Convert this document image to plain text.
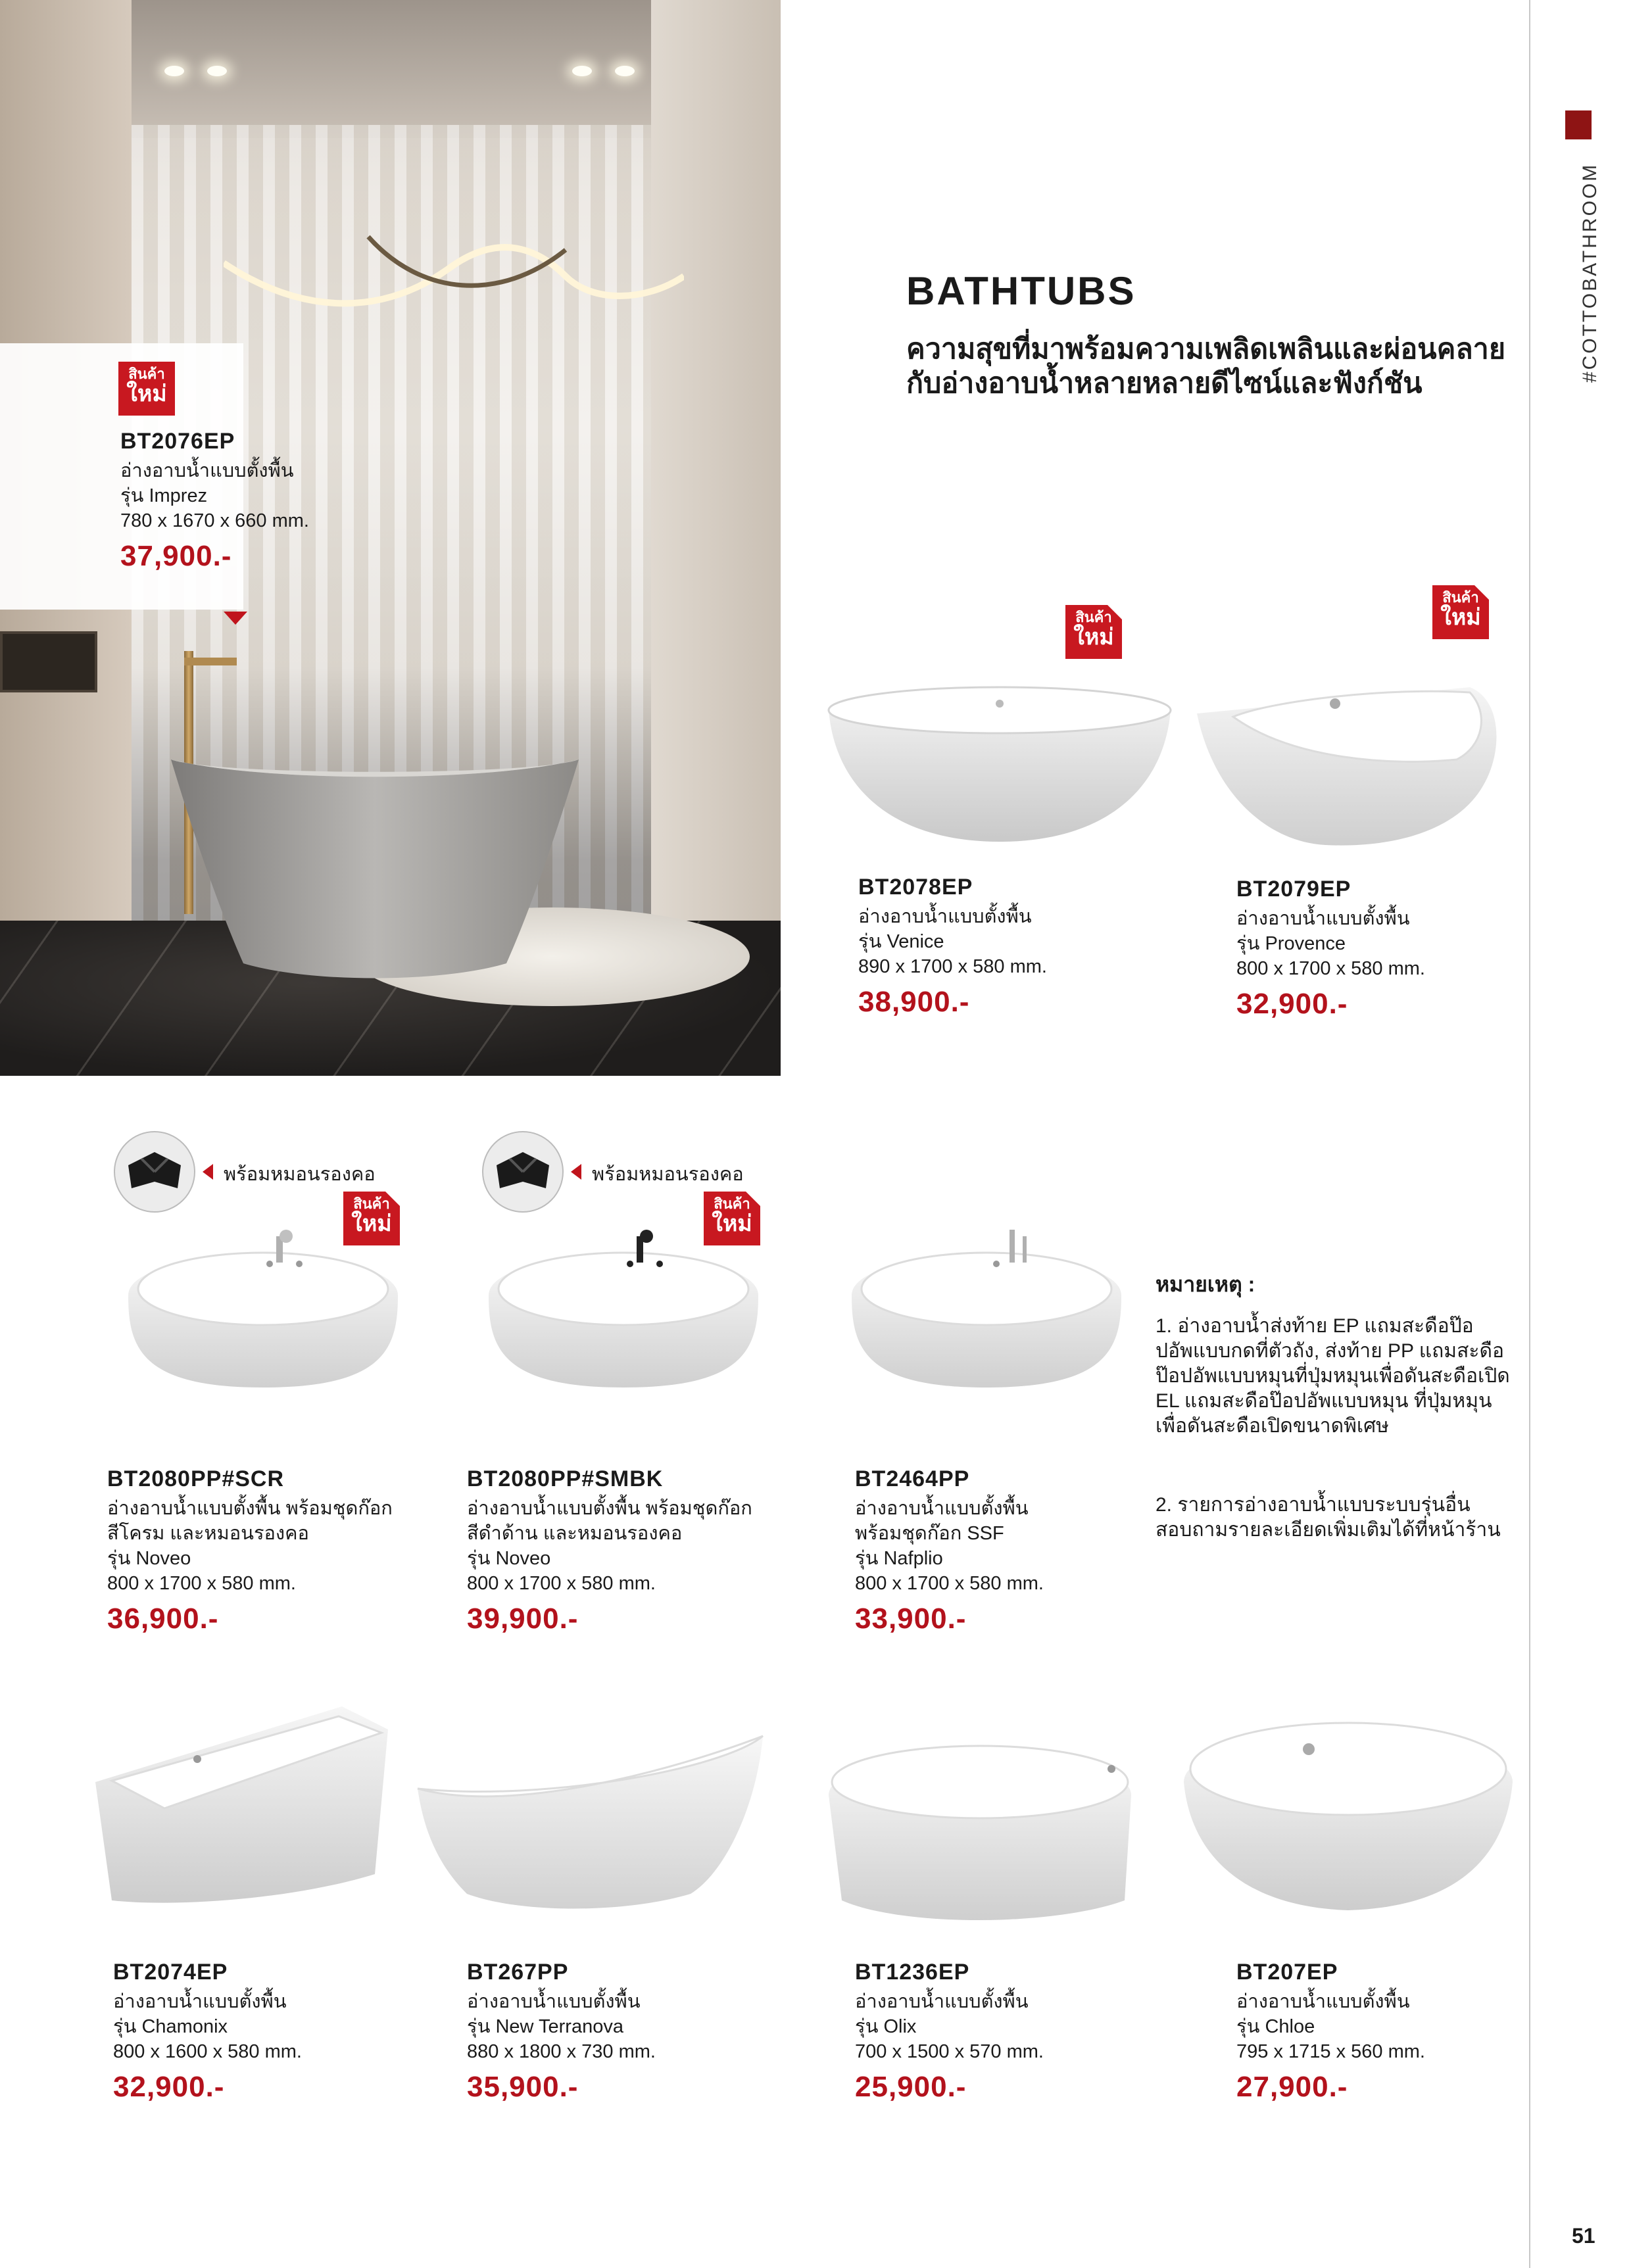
สินค้า
ใหม่
BT2076EP
อ่างอาบน้ำแบบตั้งพื้น
รุ่น Imprez
780 x 1670 x 660 mm.
37,900.-
BATHTUBS
ความสุขที่มาพร้อมความเพลิดเพลินและผ่อนคลายกับอ่างอาบน้ำหลายหลายดีไซน์และฟังก์ชัน
#COTTOBATHROOM
สินค้า
ใหม่
BT2078EP
อ่างอาบน้ำแบบตั้งพื้น
รุ่น Venice
890 x 1700 x 580 mm.
38,900.-
สินค้า
ใหม่
BT2079EP
อ่างอาบน้ำแบบตั้งพื้น
รุ่น Provence
800 x 1700 x 580 mm.
32,900.-
พร้อมหมอนรองคอ
สินค้า
ใหม่
BT2080PP#SCR
อ่างอาบน้ำแบบตั้งพื้น พร้อมชุดก๊อก
สีโครม และหมอนรองคอ
รุ่น Noveo
800 x 1700 x 580 mm.
36,900.-
พร้อมหมอนรองคอ
สินค้า
ใหม่
BT2080PP#SMBK
อ่างอาบน้ำแบบตั้งพื้น พร้อมชุดก๊อก
สีดำด้าน และหมอนรองคอ
รุ่น Noveo
800 x 1700 x 580 mm.
39,900.-
BT2464PP
อ่างอาบน้ำแบบตั้งพื้น
พร้อมชุดก๊อก SSF
รุ่น Nafplio
800 x 1700 x 580 mm.
33,900.-
หมายเหตุ :
1. อ่างอาบน้ำส่งท้าย EP แถมสะดือป๊อปอัพแบบกดที่ตัวถัง, ส่งท้าย PP แถมสะดือป๊อปอัพแบบหมุนที่ปุ่มหมุนเพื่อดันสะดือเปิด EL แถมสะดือป๊อปอัพแบบหมุน ที่ปุ่มหมุน เพื่อดันสะดือเปิดขนาดพิเศษ
2. รายการอ่างอาบน้ำแบบระบบรุ่นอื่นสอบถามรายละเอียดเพิ่มเติมได้ที่หน้าร้าน
BT2074EP
อ่างอาบน้ำแบบตั้งพื้น
รุ่น Chamonix
800 x 1600 x 580 mm.
32,900.-
BT267PP
อ่างอาบน้ำแบบตั้งพื้น
รุ่น New Terranova
880 x 1800 x 730 mm.
35,900.-
BT1236EP
อ่างอาบน้ำแบบตั้งพื้น
รุ่น Olix
700 x 1500 x 570 mm.
25,900.-
BT207EP
อ่างอาบน้ำแบบตั้งพื้น
รุ่น Chloe
795 x 1715 x 560 mm.
27,900.-
51
